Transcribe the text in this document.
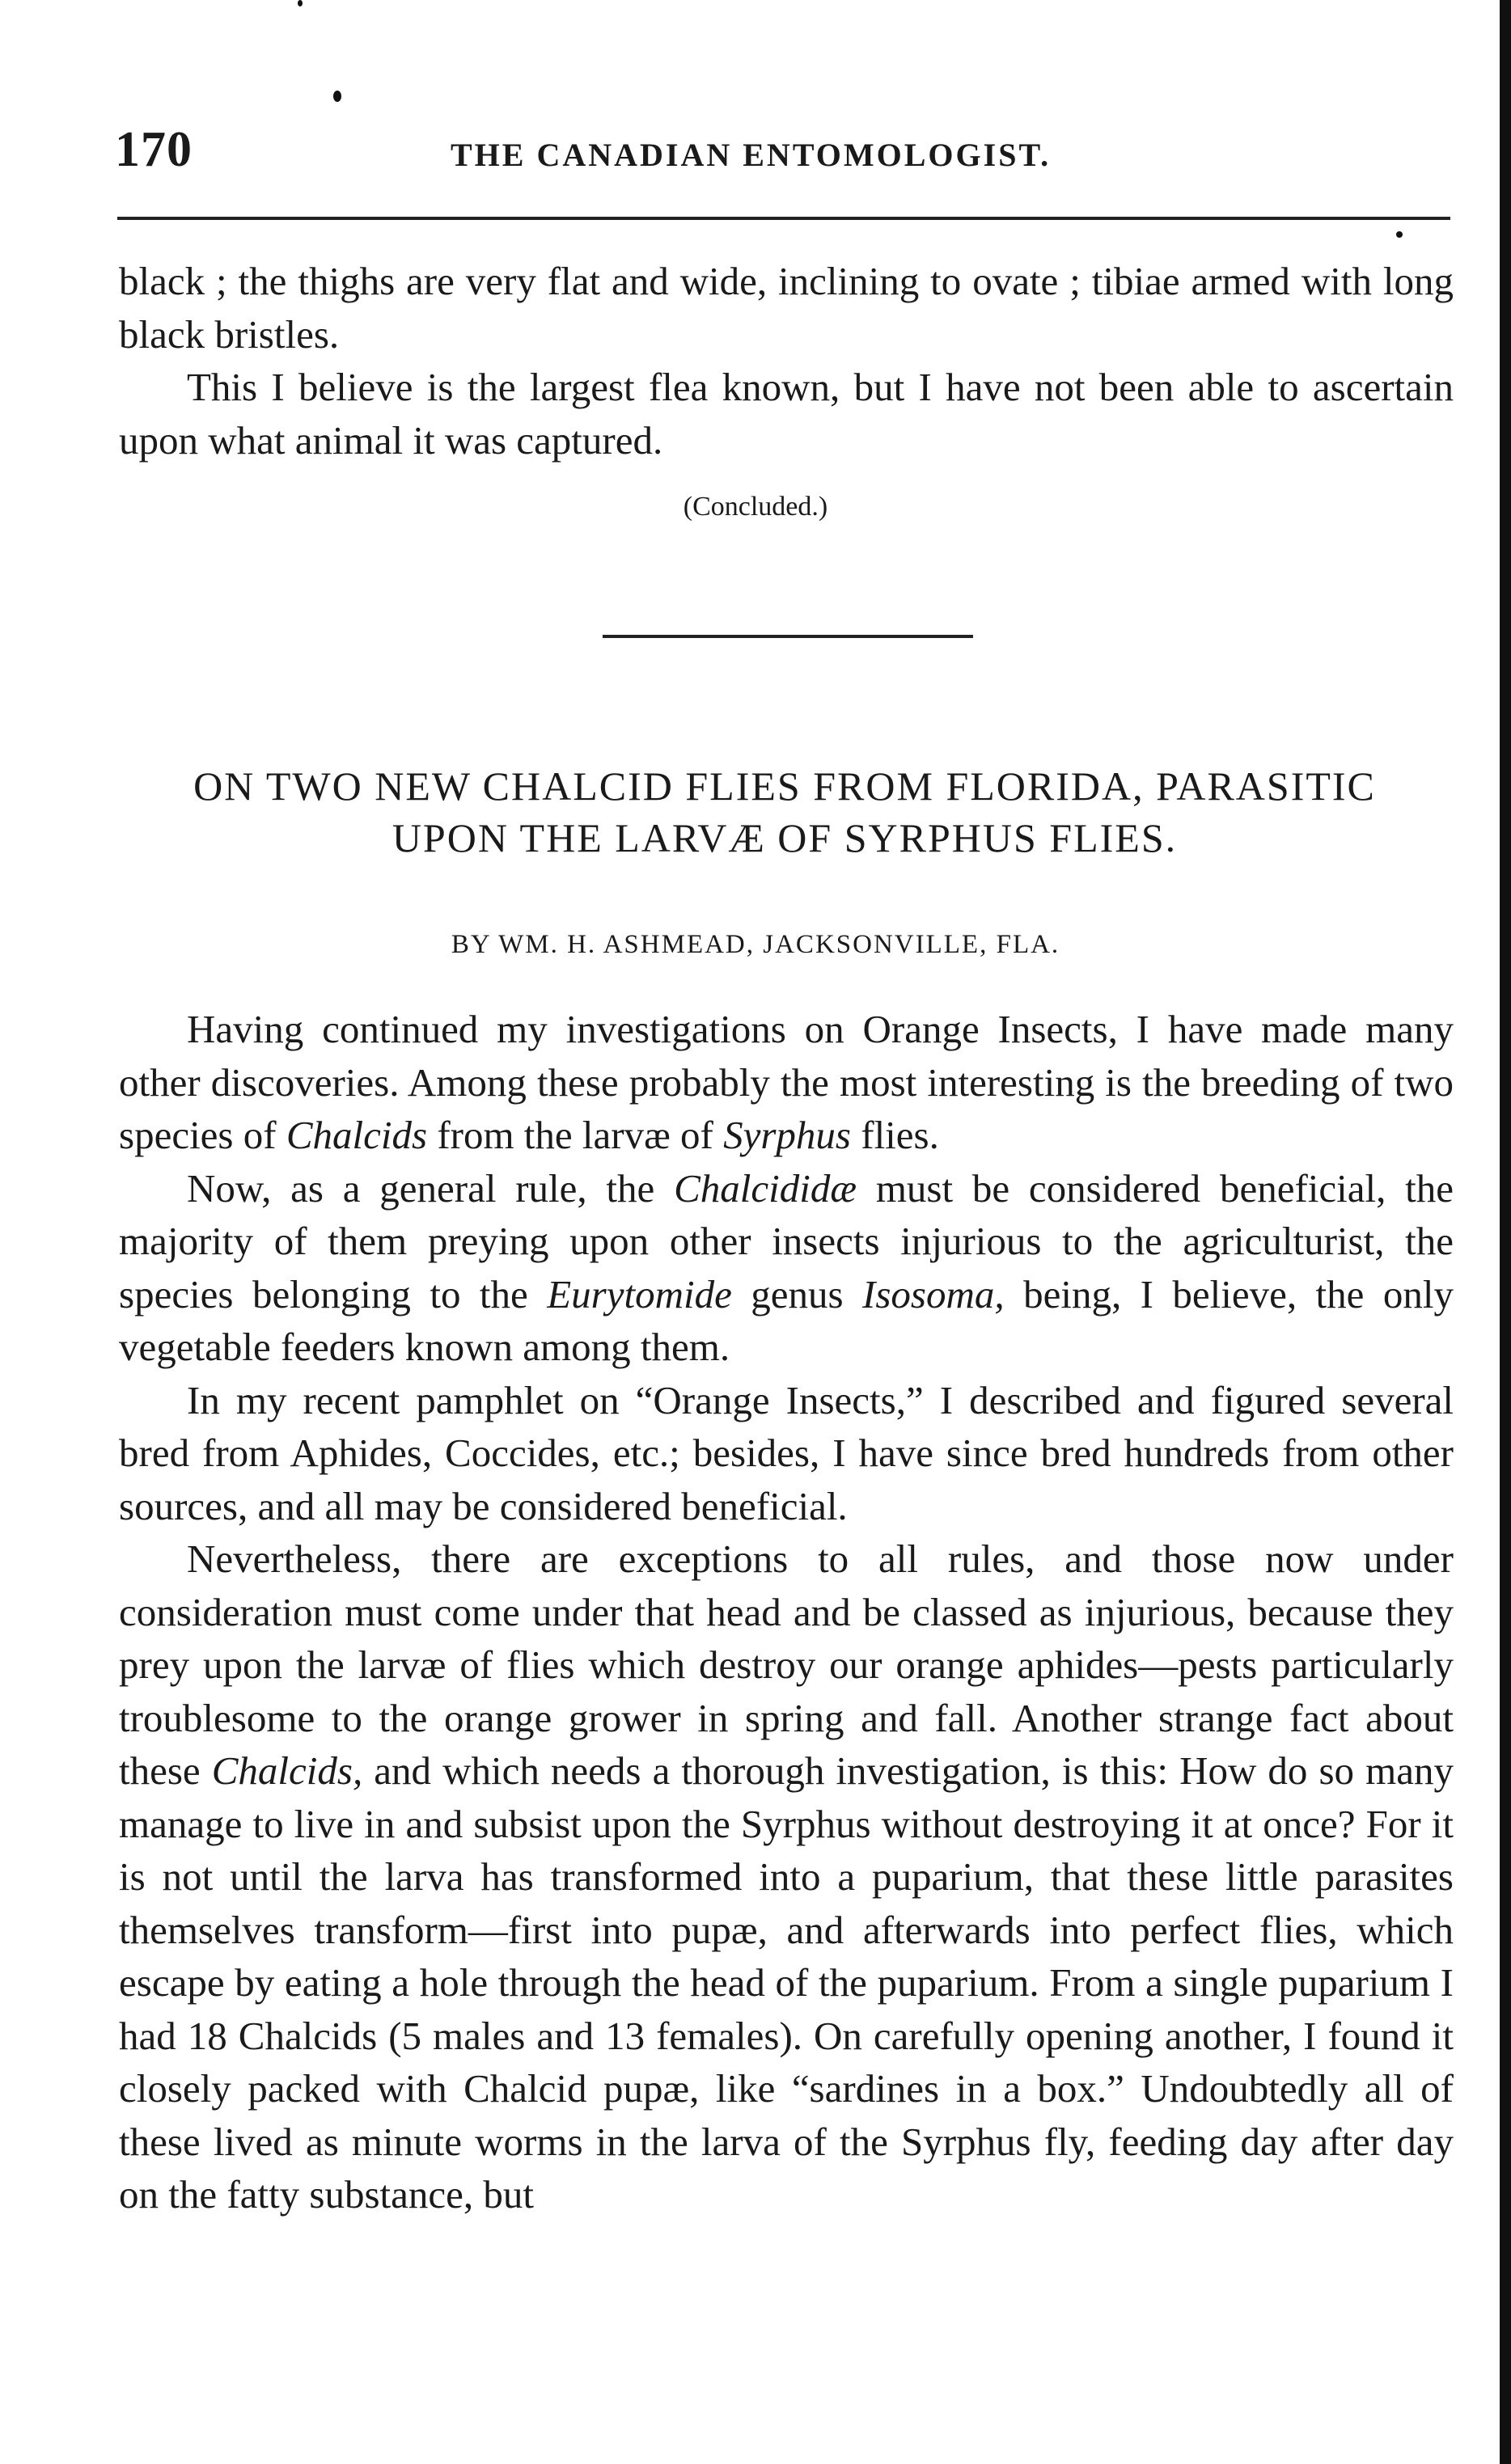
170	THE CANADIAN ENTOMOLOGIST.

black ; the thighs are very flat and wide, inclining to ovate ; tibiae armed with long black bristles.

This I believe is the largest flea known, but I have not been able to ascertain upon what animal it was captured.

(Concluded.)
ON TWO NEW CHALCID FLIES FROM FLORIDA, PARASITIC
UPON THE LARVÆ OF SYRPHUS FLIES.
BY WM. H. ASHMEAD, JACKSONVILLE, FLA.

Having continued my investigations on Orange Insects, I have made many other discoveries. Among these probably the most interesting is the breeding of two species of Chalcids from the larvæ of Syrphus flies.

Now, as a general rule, the Chalcididæ must be considered beneficial, the majority of them preying upon other insects injurious to the agriculturist, the species belonging to the Eurytomide genus Isosoma, being, I believe, the only vegetable feeders known among them.

In my recent pamphlet on “Orange Insects,” I described and figured several bred from Aphides, Coccides, etc.; besides, I have since bred hundreds from other sources, and all may be considered beneficial.

Nevertheless, there are exceptions to all rules, and those now under consideration must come under that head and be classed as injurious, because they prey upon the larvæ of flies which destroy our orange aphides—pests particularly troublesome to the orange grower in spring and fall. Another strange fact about these Chalcids, and which needs a thorough investigation, is this: How do so many manage to live in and subsist upon the Syrphus without destroying it at once? For it is not until the larva has transformed into a puparium, that these little parasites themselves transform—first into pupæ, and afterwards into perfect flies, which escape by eating a hole through the head of the puparium. From a single puparium I had 18 Chalcids (5 males and 13 females). On carefully opening another, I found it closely packed with Chalcid pupæ, like “sardines in a box.” Undoubtedly all of these lived as minute worms in the larva of the Syrphus fly, feeding day after day on the fatty substance, but
